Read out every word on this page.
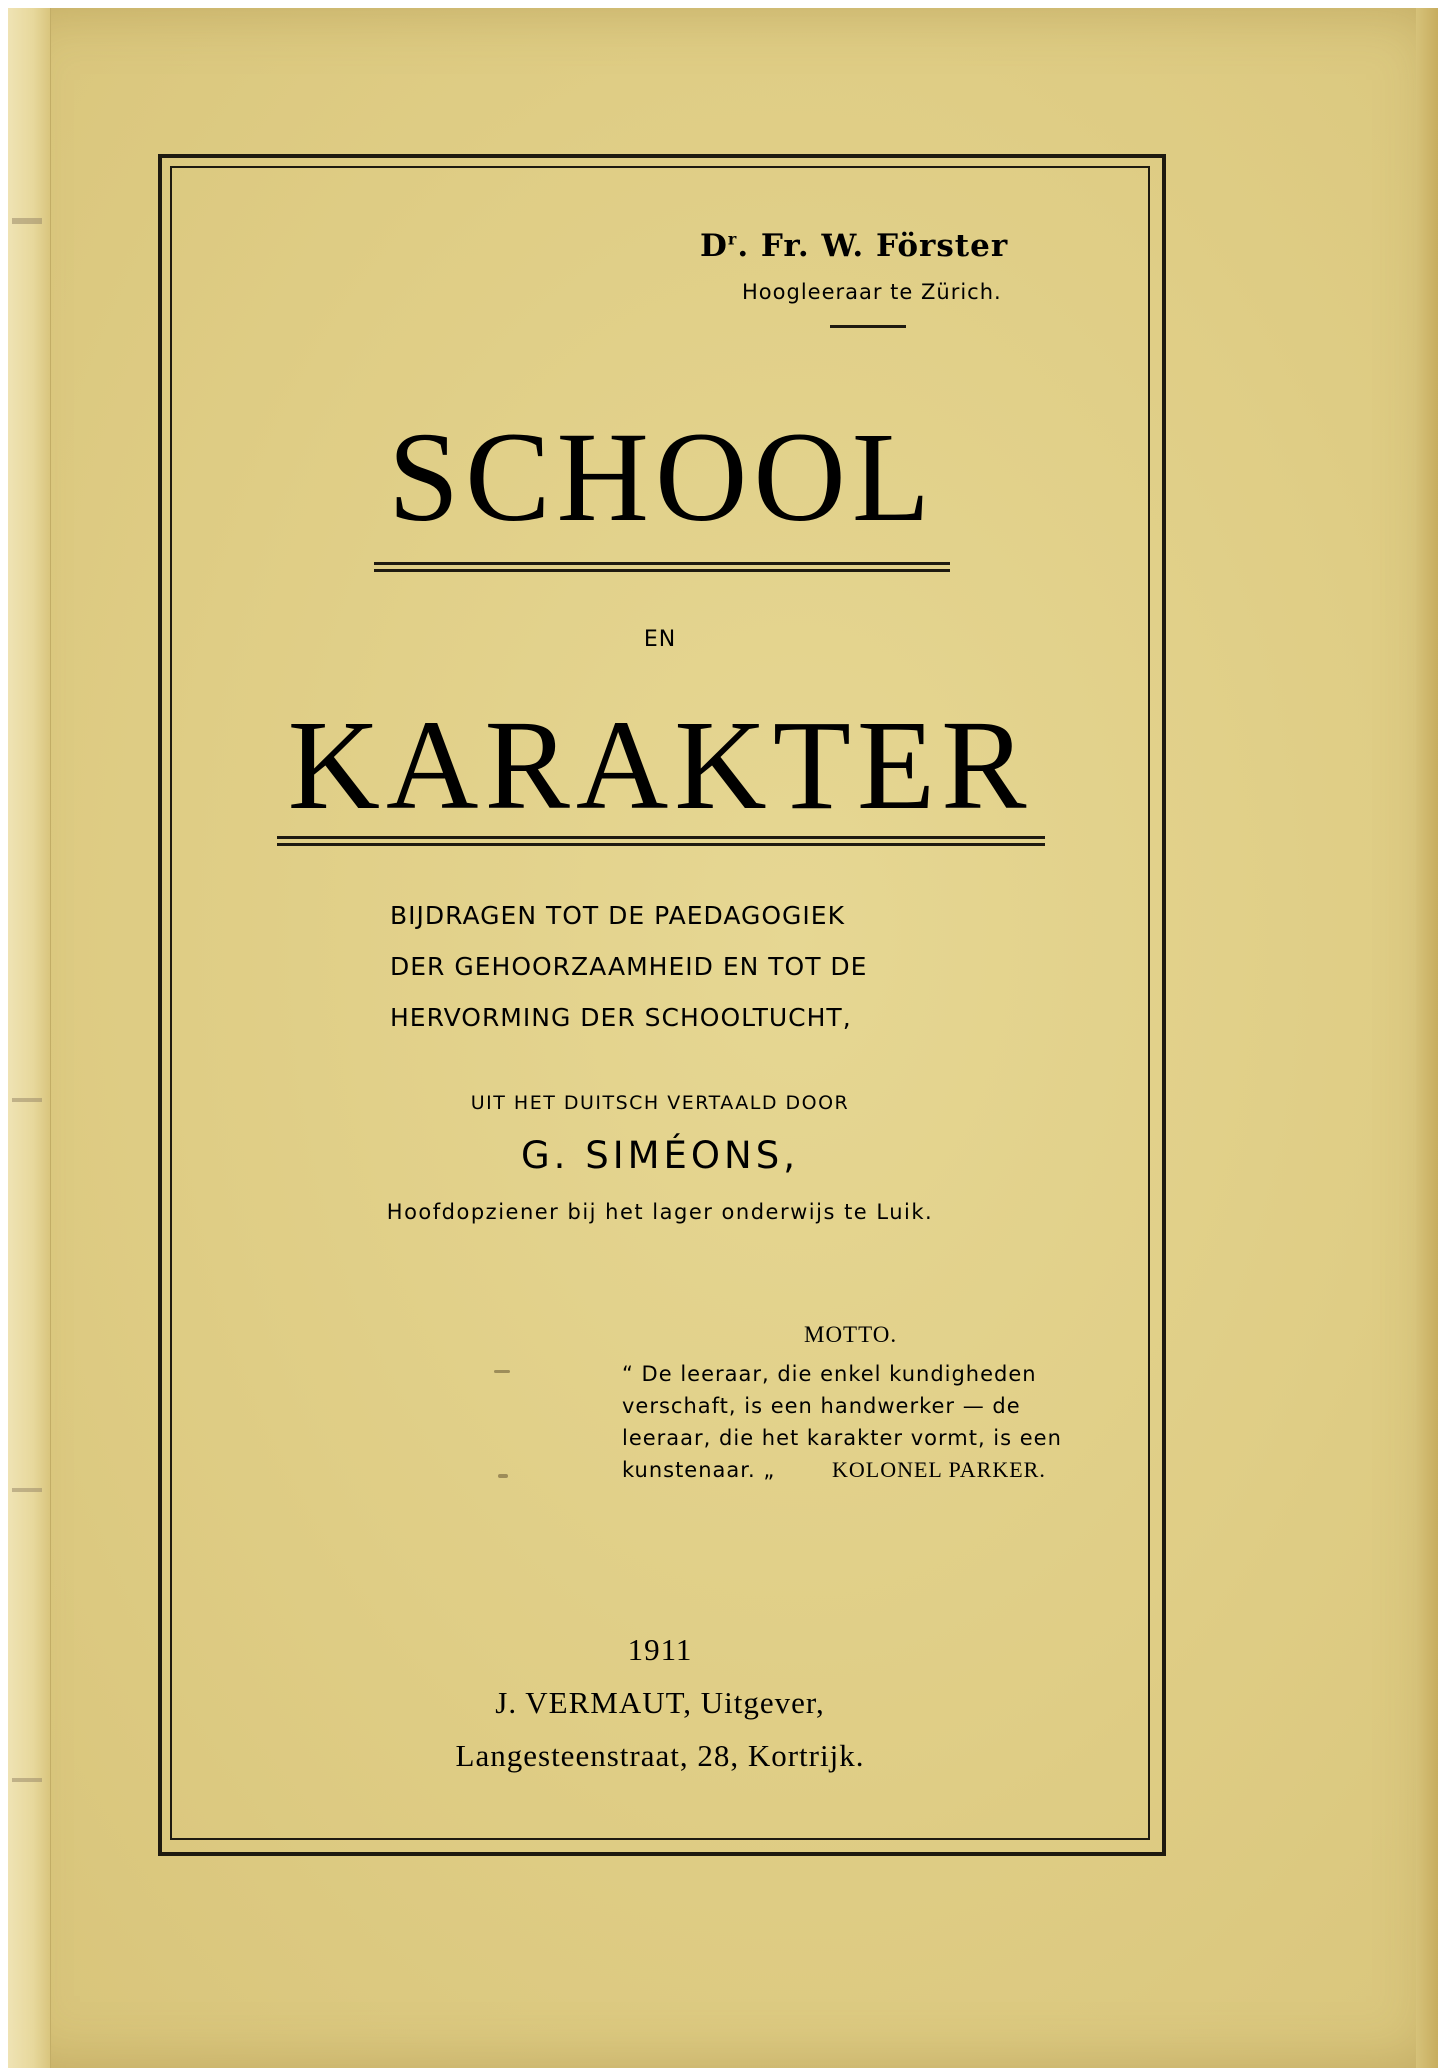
$D^r$. Fr. W. Förster
Hoogleeraar te Zürich.
SCHOOL
EN
KARAKTER
BIJDRAGEN TOT DE PAEDAGOGIEK
DER GEHOORZAAMHEID EN TOT DE
HERVORMING DER SCHOOLTUCHT,
UIT HET DUITSCH VERTAALD DOOR
G. SIMÉONS,
Hoofdopziener bij het lager onderwijs te Luik.
MOTTO.
“ De leeraar, die enkel kundigheden
verschaft, is een handwerker — de
leeraar, die het karakter vormt, is een
kunstenaar. „	KOLONEL PARKER.
1911
J. VERMAUT, Uitgever,
Langesteenstraat, 28, Kortrijk.
